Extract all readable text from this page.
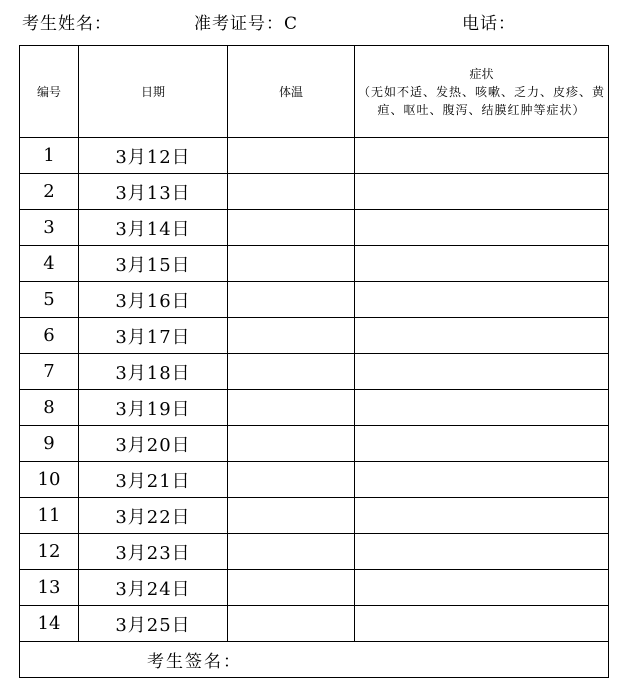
考生姓名：	准考证号：C	电话：
编号	日期	体温	症状
（无如不适、发热、咳嗽、乏力、皮疹、黄疸、呕吐、腹泻、结膜红肿等症状）

1	3月12日		
2	3月13日		
3	3月14日		
4	3月15日		
5	3月16日		
6	3月17日		
7	3月18日		
8	3月19日		
9	3月20日		
10	3月21日		
11	3月22日		
12	3月23日		
13	3月24日		
14	3月25日		
考生签名：			
